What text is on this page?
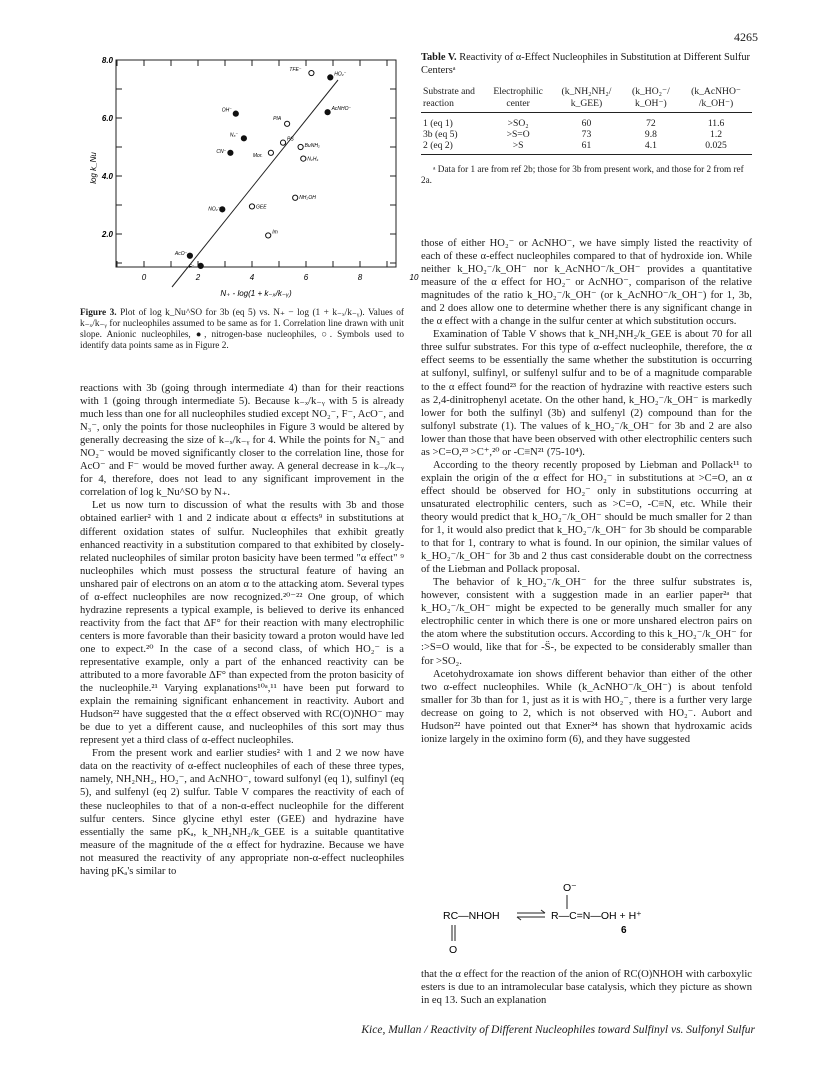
4265
2.0
4.0
6.0
8.0
0	2	4	6	8	10
TFE⁻
HO₂⁻
OH⁻
PIA
AcNHO⁻
N₃⁻
PS
CN⁻
Mor.
BuNH₂
N₂H₄
NH₂OH
NO₂⁻	GEE
Im
AcO⁻
F⁻
log k_Nu
N₊ - log(1 + k₋ₓ/k₋ᵧ)
Figure 3. Plot of log k_Nu^SO for 3b (eq 5) vs. N₊ − log (1 + k₋ₓ/k₋ᵧ). Values of k₋ₓ/k₋ᵧ for nucleophiles assumed to be same as for 1. Correlation line drawn with unit slope. Anionic nucleophiles, ●, nitrogen-base nucleophiles, ○. Symbols used to identify data points same as in Figure 2.
Table V. Reactivity of α-Effect Nucleophiles in Substitution at Different Sulfur Centersᵃ
Substrate and reaction	Electrophilic center	(k_NH₂NH₂/ k_GEE)	(k_HO₂⁻/ k_OH⁻)	(k_AcNHO⁻ /k_OH⁻)
1 (eq 1)	>SO₂	60	72	11.6
3b (eq 5)	>S=O	73	9.8	1.2
2 (eq 2)	>S	61	4.1	0.025
ᵃ Data for 1 are from ref 2b; those for 3b from present work, and those for 2 from ref 2a.

reactions with 3b (going through intermediate 4) than for their reactions with 1 (going through intermediate 5). Because k₋ₓ/k₋ᵧ with 5 is already much less than one for all nucleophiles studied except NO₂⁻, F⁻, AcO⁻, and N₃⁻, only the points for those nucleophiles in Figure 3 would be altered by generally decreasing the size of k₋ₓ/k₋ᵧ for 4. While the points for N₃⁻ and NO₂⁻ would be moved significantly closer to the correlation line, those for AcO⁻ and F⁻ would be moved further away. A general decrease in k₋ₓ/k₋ᵧ for 4, therefore, does not lead to any significant improvement in the correlation of log k_Nu^SO by N₊.

Let us now turn to discussion of what the results with 3b and those obtained earlier² with 1 and 2 indicate about α effects⁹ in substitutions at different oxidation states of sulfur. Nucleophiles that exhibit greatly enhanced reactivity in a substitution compared to that exhibited by closely-related nucleophiles of similar proton basicity have been termed "α effect" ⁹ nucleophiles which must possess the structural feature of having an unshared pair of electrons on an atom α to the attacking atom. Several types of α-effect nucleophiles are now recognized.²⁰⁻²² One group, of which hydrazine represents a typical example, is believed to derive its enhanced reactivity from the fact that ΔF° for their reaction with many electrophilic centers is more favorable than their basicity toward a proton would have led one to expect.²⁰ In the case of a second class, of which HO₂⁻ is a representative example, only a part of the enhanced reactivity can be attributed to a more favorable ΔF° than expected from the proton basicity of the nucleophile.²¹ Varying explanations¹⁰ᵃ,¹¹ have been put forward to explain the remaining significant enhancement in reactivity. Aubort and Hudson²² have suggested that the α effect observed with RC(O)NHO⁻ may be due to yet a different cause, and nucleophiles of this sort may thus represent yet a third class of α-effect nucleophiles.

From the present work and earlier studies² with 1 and 2 we now have data on the reactivity of α-effect nucleophiles of each of these three types, namely, NH₂NH₂, HO₂⁻, and AcNHO⁻, toward sulfonyl (eq 1), sulfinyl (eq 5), and sulfenyl (eq 2) sulfur. Table V compares the reactivity of each of these nucleophiles to that of a non-α-effect nucleophile for the different sulfur centers. Since glycine ethyl ester (GEE) and hydrazine have essentially the same pKₐ, k_NH₂NH₂/k_GEE is a suitable quantitative measure of the magnitude of the α effect for hydrazine. Because we have not measured the reactivity of any appropriate non-α-effect nucleophiles having pKₐ's similar to

those of either HO₂⁻ or AcNHO⁻, we have simply listed the reactivity of each of these α-effect nucleophiles compared to that of hydroxide ion. While neither k_HO₂⁻/k_OH⁻ nor k_AcNHO⁻/k_OH⁻ provides a quantitative measure of the α effect for HO₂⁻ or AcNHO⁻, comparison of the relative magnitudes of the ratio k_HO₂⁻/k_OH⁻ (or k_AcNHO⁻/k_OH⁻) for 1, 3b, and 2 does allow one to determine whether there is any significant change in the α effect with a change in the sulfur center at which substitution occurs.

Examination of Table V shows that k_NH₂NH₂/k_GEE is about 70 for all three sulfur substrates. For this type of α-effect nucleophile, therefore, the α effect seems to be essentially the same whether the substitution is occurring at sulfonyl, sulfinyl, or sulfenyl sulfur and to be of a magnitude comparable to the α effect found²³ for the reaction of hydrazine with reactive esters such as 2,4-dinitrophenyl acetate. On the other hand, k_HO₂⁻/k_OH⁻ is markedly lower for both the sulfinyl (3b) and sulfenyl (2) compound than for the sulfonyl substrate (1). The values of k_HO₂⁻/k_OH⁻ for 3b and 2 are also lower than those that have been observed with other electrophilic centers such as >C=O,²³ >C⁺,²⁰ or -C≡N²¹ (75-10⁴).

According to the theory recently proposed by Liebman and Pollack¹¹ to explain the origin of the α effect for HO₂⁻ in substitutions at >C=O, an α effect should be observed for HO₂⁻ only in substitutions occurring at unsaturated electrophilic centers, such as >C=O, -C≡N, etc. While their theory would predict that k_HO₂⁻/k_OH⁻ should be much smaller for 2 than for 1, it would also predict that k_HO₂⁻/k_OH⁻ for 3b should be comparable to that for 1, contrary to what is found. In our opinion, the similar values of k_HO₂⁻/k_OH⁻ for 3b and 2 thus cast considerable doubt on the correctness of the Liebman and Pollack proposal.

The behavior of k_HO₂⁻/k_OH⁻ for the three sulfur substrates is, however, consistent with a suggestion made in an earlier paper²ᵃ that k_HO₂⁻/k_OH⁻ might be expected to be generally much smaller for any electrophilic center in which there is one or more unshared electron pairs on the atom where the substitution occurs. According to this k_HO₂⁻/k_OH⁻ for :>S=O would, like that for -S̈-, be expected to be considerably smaller than for >SO₂.

Acetohydroxamate ion shows different behavior than either of the other two α-effect nucleophiles. While (k_AcNHO⁻/k_OH⁻) is about tenfold smaller for 3b than for 1, just as it is with HO₂⁻, there is a further very large decrease on going to 2, which is not observed with HO₂⁻. Aubort and Hudson²² have pointed out that Exner²⁴ has shown that hydroxamic acids ionize largely in the oximino form (6), and they have suggested

RC—NHOH
O
O⁻
R—C=N—OH + H⁺
6

that the α effect for the reaction of the anion of RC(O)NHOH with carboxylic esters is due to an intramolecular base catalysis, which they picture as shown in eq 13. Such an explanation

Kice, Mullan / Reactivity of Different Nucleophiles toward Sulfinyl vs. Sulfonyl Sulfur
